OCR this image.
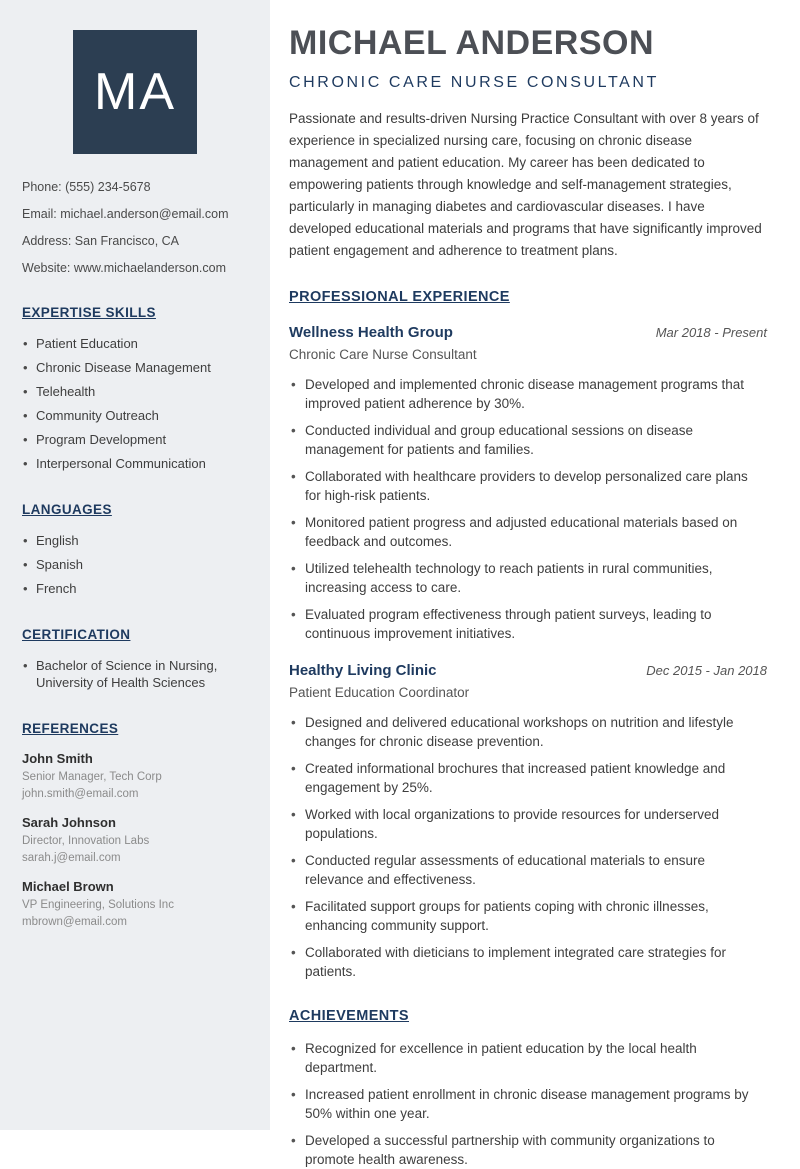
MA

Phone: (555) 234-5678

Email: michael.anderson@email.com

Address: San Francisco, CA

Website: www.michaelanderson.com

EXPERTISE SKILLS
• Patient Education
• Chronic Disease Management
• Telehealth
• Community Outreach
• Program Development
• Interpersonal Communication
LANGUAGES
• English
• Spanish
• French
CERTIFICATION
• Bachelor of Science in Nursing, University of Health Sciences
REFERENCES

John Smith

Senior Manager, Tech Corp

john.smith@email.com

Sarah Johnson

Director, Innovation Labs

sarah.j@email.com

Michael Brown

VP Engineering, Solutions Inc

mbrown@email.com

MICHAEL ANDERSON
CHRONIC CARE NURSE CONSULTANT

Passionate and results-driven Nursing Practice Consultant with over 8 years of experience in specialized nursing care, focusing on chronic disease management and patient education. My career has been dedicated to empowering patients through knowledge and self-management strategies, particularly in managing diabetes and cardiovascular diseases. I have developed educational materials and programs that have significantly improved patient engagement and adherence to treatment plans.

PROFESSIONAL EXPERIENCE
Wellness Health Group	Mar 2018 - Present

Chronic Care Nurse Consultant

• Developed and implemented chronic disease management programs that improved patient adherence by 30%.
• Conducted individual and group educational sessions on disease management for patients and families.
• Collaborated with healthcare providers to develop personalized care plans for high-risk patients.
• Monitored patient progress and adjusted educational materials based on feedback and outcomes.
• Utilized telehealth technology to reach patients in rural communities, increasing access to care.
• Evaluated program effectiveness through patient surveys, leading to continuous improvement initiatives.
Healthy Living Clinic	Dec 2015 - Jan 2018

Patient Education Coordinator

• Designed and delivered educational workshops on nutrition and lifestyle changes for chronic disease prevention.
• Created informational brochures that increased patient knowledge and engagement by 25%.
• Worked with local organizations to provide resources for underserved populations.
• Conducted regular assessments of educational materials to ensure relevance and effectiveness.
• Facilitated support groups for patients coping with chronic illnesses, enhancing community support.
• Collaborated with dieticians to implement integrated care strategies for patients.
ACHIEVEMENTS
• Recognized for excellence in patient education by the local health department.
• Increased patient enrollment in chronic disease management programs by 50% within one year.
• Developed a successful partnership with community organizations to promote health awareness.
